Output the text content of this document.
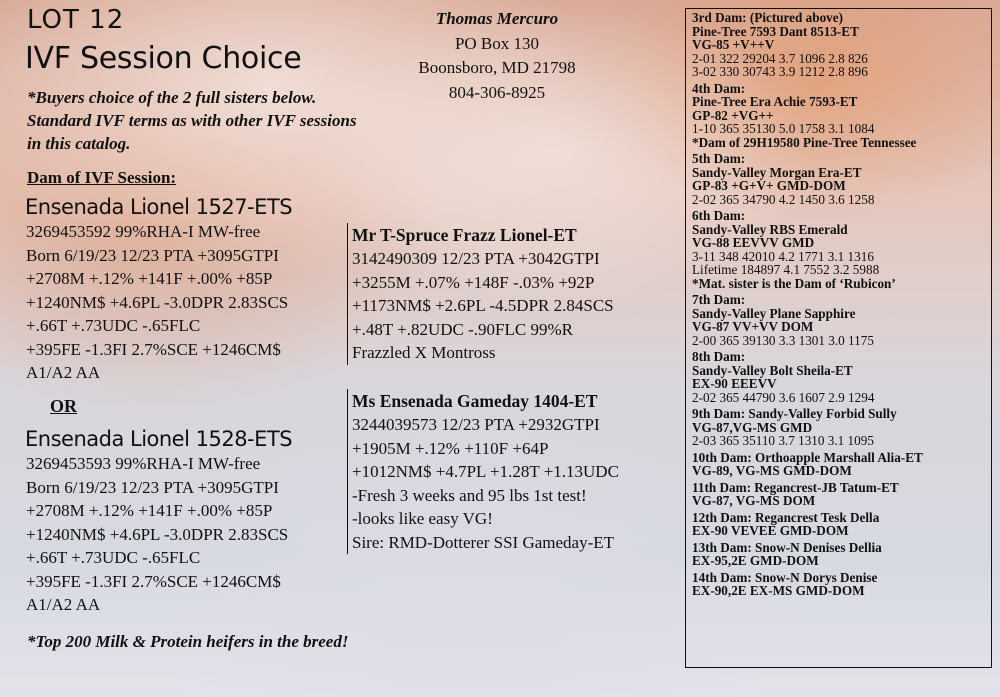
LOT 12
IVF Session Choice
*Buyers choice of the 2 full sisters below. Standard IVF terms as with other IVF sessions in this catalog.
Dam of IVF Session:
Ensenada Lionel 1527-ETS
3269453592 99%RHA-I MW-free
Born 6/19/23 12/23 PTA +3095GTPI
+2708M +.12% +141F +.00% +85P
+1240NM$ +4.6PL -3.0DPR 2.83SCS
+.66T +.73UDC -.65FLC
+395FE -1.3FI 2.7%SCE +1246CM$
A1/A2 AA
OR
Ensenada Lionel 1528-ETS
3269453593 99%RHA-I MW-free
Born 6/19/23 12/23 PTA +3095GTPI
+2708M +.12% +141F +.00% +85P
+1240NM$ +4.6PL -3.0DPR 2.83SCS
+.66T +.73UDC -.65FLC
+395FE -1.3FI 2.7%SCE +1246CM$
A1/A2 AA
*Top 200 Milk & Protein heifers in the breed!
Thomas Mercuro
PO Box 130
Boonsboro, MD 21798
804-306-8925
Mr T-Spruce Frazz Lionel-ET
3142490309 12/23 PTA +3042GTPI
+3255M +.07% +148F -.03% +92P
+1173NM$ +2.6PL -4.5DPR 2.84SCS
+.48T +.82UDC -.90FLC 99%R
Frazzled X Montross
Ms Ensenada Gameday 1404-ET
3244039573 12/23 PTA +2932GTPI
+1905M +.12% +110F +64P
+1012NM$ +4.7PL +1.28T +1.13UDC
-Fresh 3 weeks and 95 lbs 1st test!
-looks like easy VG!
Sire: RMD-Dotterer SSI Gameday-ET
3rd Dam: (Pictured above)
Pine-Tree 7593 Dant 8513-ET
VG-85 +V++V
2-01 322 29204 3.7 1096 2.8 826
3-02 330 30743 3.9 1212 2.8 896
4th Dam:
Pine-Tree Era Achie 7593-ET
GP-82 +VG++
1-10 365 35130 5.0 1758 3.1 1084
*Dam of 29H19580 Pine-Tree Tennessee
5th Dam:
Sandy-Valley Morgan Era-ET
GP-83 +G+V+ GMD-DOM
2-02 365 34790 4.2 1450 3.6 1258
6th Dam:
Sandy-Valley RBS Emerald
VG-88 EEVVV GMD
3-11 348 42010 4.2 1771 3.1 1316
Lifetime 184897 4.1 7552 3.2 5988
*Mat. sister is the Dam of ‘Rubicon’
7th Dam:
Sandy-Valley Plane Sapphire
VG-87 VV+VV DOM
2-00 365 39130 3.3 1301 3.0 1175
8th Dam:
Sandy-Valley Bolt Sheila-ET
EX-90 EEEVV
2-02 365 44790 3.6 1607 2.9 1294
9th Dam: Sandy-Valley Forbid Sully
VG-87,VG-MS GMD
2-03 365 35110 3.7 1310 3.1 1095
10th Dam: Orthoapple Marshall Alia-ET
VG-89, VG-MS GMD-DOM
11th Dam: Regancrest-JB Tatum-ET
VG-87, VG-MS DOM
12th Dam: Regancrest Tesk Della
EX-90 VEVEE GMD-DOM
13th Dam: Snow-N Denises Dellia
EX-95,2E GMD-DOM
14th Dam: Snow-N Dorys Denise
EX-90,2E EX-MS GMD-DOM
